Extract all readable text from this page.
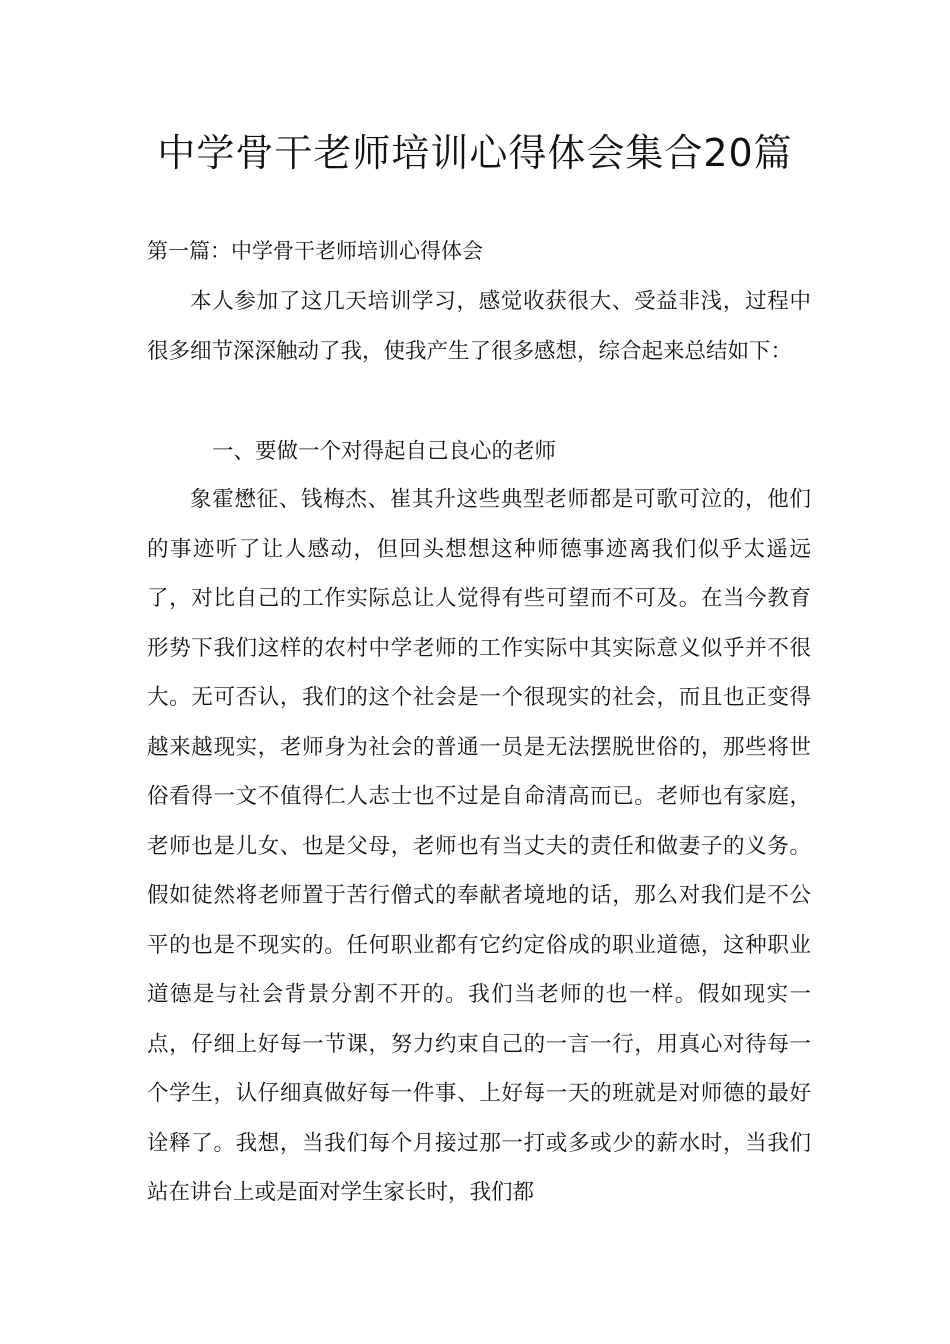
中学骨干老师培训心得体会集合20篇
第一篇：中学骨干老师培训心得体会

本人参加了这几天培训学习，感觉收获很大、受益非浅，过程中很多细节深深触动了我，使我产生了很多感想，综合起来总结如下：

一、要做一个对得起自己良心的老师

象霍懋征、钱梅杰、崔其升这些典型老师都是可歌可泣的，他们的事迹听了让人感动，但回头想想这种师德事迹离我们似乎太遥远了，对比自己的工作实际总让人觉得有些可望而不可及。在当今教育形势下我们这样的农村中学老师的工作实际中其实际意义似乎并不很大。无可否认，我们的这个社会是一个很现实的社会，而且也正变得越来越现实，老师身为社会的普通一员是无法摆脱世俗的，那些将世俗看得一文不值得仁人志士也不过是自命清高而已。老师也有家庭，老师也是儿女、也是父母，老师也有当丈夫的责任和做妻子的义务。假如徒然将老师置于苦行僧式的奉献者境地的话，那么对我们是不公平的也是不现实的。任何职业都有它约定俗成的职业道德，这种职业道德是与社会背景分割不开的。我们当老师的也一样。假如现实一点，仔细上好每一节课，努力约束自己的一言一行，用真心对待每一个学生，认仔细真做好每一件事、上好每一天的班就是对师德的最好诠释了。我想，当我们每个月接过那一打或多或少的薪水时，当我们站在讲台上或是面对学生家长时，我们都
